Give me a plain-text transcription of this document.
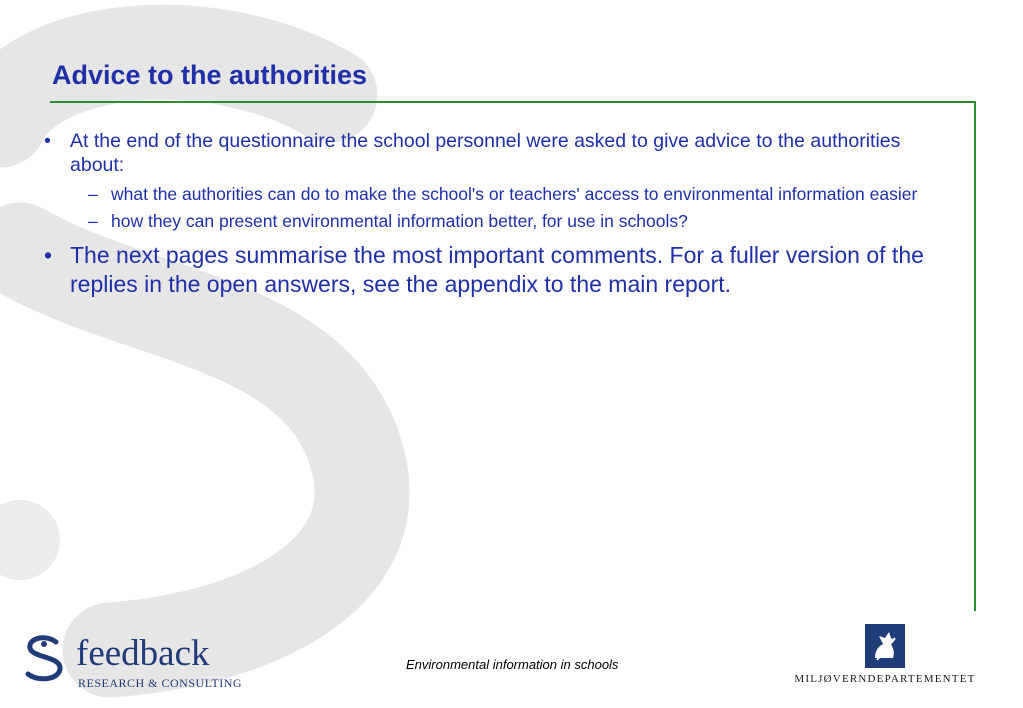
Advice to the authorities
• At the end of the questionnaire the school personnel were asked to give advice to the authorities about:
– what the authorities can do to make the school's or teachers' access to environmental information easier
– how they can present environmental information better, for use in schools?
• The next pages summarise the most important comments. For a fuller version of the replies in the open answers, see the appendix to the main report.
feedback
RESEARCH & CONSULTING
Environmental information in schools
MILJØVERNDEPARTEMENTET
